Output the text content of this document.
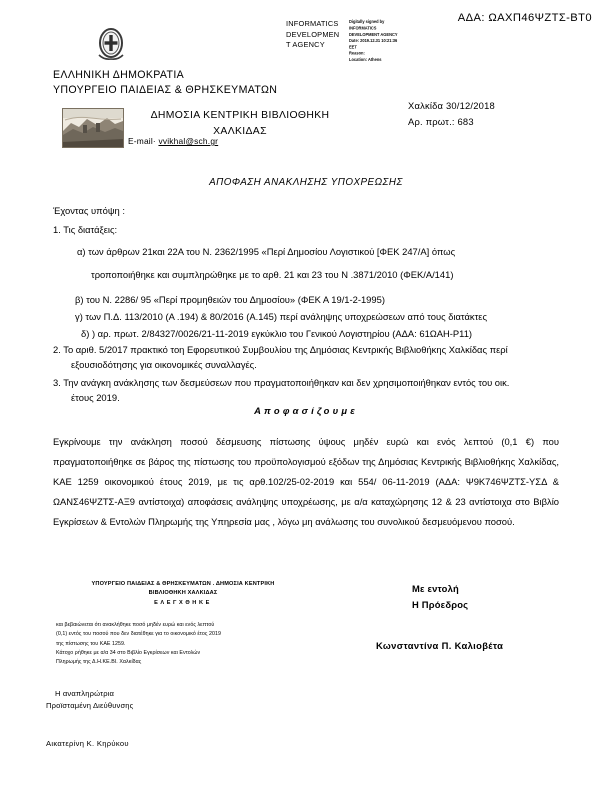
ΑΔΑ: ΩΑΧΠ46ΨΖΤΣ-ΒΤ0
INFORMATICS
DEVELOPMEN
T AGENCY
Digitally signed by
INFORMATICS
DEVELOPMENT AGENCY
Date: 2019.12.31 10:21:36
EET
Reason:
Location: Athens
ΕΛΛΗΝΙΚΗ ΔΗΜΟΚΡΑΤΙΑ
ΥΠΟΥΡΓΕΙΟ ΠΑΙΔΕΙΑΣ & ΘΡΗΣΚΕΥΜΑΤΩΝ
ΔΗΜΟΣΙΑ ΚΕΝΤΡΙΚΗ ΒΙΒΛΙΟΘΗΚΗ
ΧΑΛΚΙΔΑΣ
E-mail· vvikhal@sch.gr
Χαλκίδα 30/12/2018
Αρ. πρωτ.: 683
ΑΠΟΦΑΣΗ ΑΝΑΚΛΗΣΗΣ ΥΠΟΧΡΕΩΣΗΣ
Έχοντας υπόψη :
1. Τις διατάξεις:
α) των άρθρων 21και 22Α του Ν. 2362/1995 «Περί Δημοσίου Λογιστικού [ΦΕΚ 247/Α] όπως
τροποποιήθηκε και συμπληρώθηκε με το αρθ. 21 και 23 του Ν .3871/2010 (ΦΕΚ/Α/141)
β) του Ν. 2286/ 95 «Περί προμηθειών του Δημοσίου» (ΦΕΚ Α 19/1-2-1995)
γ) των Π.Δ. 113/2010 (Α .194) & 80/2016 (Α.145) περί ανάληψης υποχρεώσεων από τους διατάκτες
δ) ) αρ. πρωτ. 2/84327/0026/21-11-2019 εγκύκλιο του Γενικού Λογιστηρίου (ΑΔΑ: 61ΩΑΗ-Ρ11)
2. Το αριθ. 5/2017 πρακτικό τοη Εφορευτικού Συμβουλίου της Δημόσιας Κεντρικής Βιβλιοθήκης Χαλκίδας περί
εξουσιοδότησης για οικονομικές συναλλαγές.
3. Την ανάγκη ανάκλησης των δεσμεύσεων που πραγματοποιήθηκαν και δεν χρησιμοποιήθηκαν εντός του οικ.
έτους 2019.
Αποφασίζουμε
Εγκρίνουμε την ανάκληση ποσού δέσμευσης πίστωσης ύψους μηδέν ευρώ και ενός λεπτού (0,1 €) που πραγματοποιήθηκε σε βάρος της πίστωσης του προϋπολογισμού εξόδων της Δημόσιας Κεντρικής Βιβλιοθήκης Χαλκίδας, ΚΑΕ 1259 οικονομικού έτους 2019, με τις αρθ.102/25-02-2019 και 554/ 06-11-2019 (ΑΔΑ: Ψ9Κ746ΨΖΤΣ-ΥΣΔ & ΩΑΝΣ46ΨΖΤΣ-ΑΞ9 αντίστοιχα) αποφάσεις ανάληψης υποχρέωσης, με α/α καταχώρησης 12 & 23 αντίστοιχα στο Βιβλίο Εγκρίσεων & Εντολών Πληρωμής της Υπηρεσία μας , λόγω μη ανάλωσης του συνολικού δεσμευόμενου ποσού.
ΥΠΟΥΡΓΕΙΟ ΠΑΙΔΕΙΑΣ & ΘΡΗΣΚΕΥΜΑΤΩΝ . ΔΗΜΟΣΙΑ ΚΕΝΤΡΙΚΗ
ΒΙΒΛΙΟΘΗΚΗ ΧΑΛΚΙΔΑΣ
ΕΛΕΓΧΘΗΚΕ
και βεβαιώνεται ότι ανακλήθηκε ποσό μηδέν ευρώ και ενός λεπτού
(0,1) εντός του ποσού που δεν διατέθηκε για το οικονομικό έτος 2019
της πίστωσης του ΚΑΕ 1259.
Κάτοχο ρήθηκε με α/α 34 στο Βιβλίο Εγκρίσεων και Εντολών
Πληρωμής της Δ.Η.ΚΕ.ΒΙ. Χαλκίδας
Με εντολή
Η Πρόεδρος
Κωνσταντίνα Π. Καλιοβέτα
Η αναπληρώτρια
Προϊσταμένη Διεύθυνσης
Αικατερίνη Κ. Κηρύκου
